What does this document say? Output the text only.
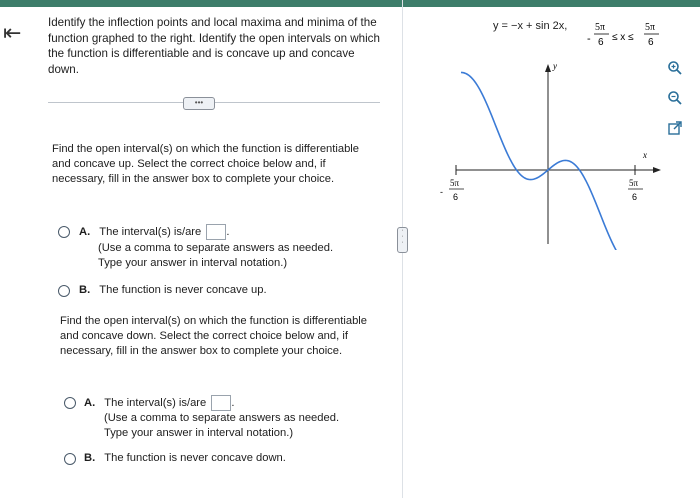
⇤ Identify the inflection points and local maxima and minima of the function graphed to the right. Identify the open intervals on which the function is differentiable and is concave up and concave down.

•••

Find the open interval(s) on which the function is differentiable and concave up. Select the correct choice below and, if necessary, fill in the answer box to complete your choice.

A. The interval(s) is/are .
(Use a comma to separate answers as needed.
Type your answer in interval notation.)
B. The function is never concave up.

Find the open interval(s) on which the function is differentiable and concave down. Select the correct choice below and, if necessary, fill in the answer box to complete your choice.

A. The interval(s) is/are .
(Use a comma to separate answers as needed.
Type your answer in interval notation.)
B. The function is never concave down.
·
·
·
y = −x + sin 2x,
-
5π
6 ≤ x ≤
5π
6
y
x
-
5π
6
5π
6
